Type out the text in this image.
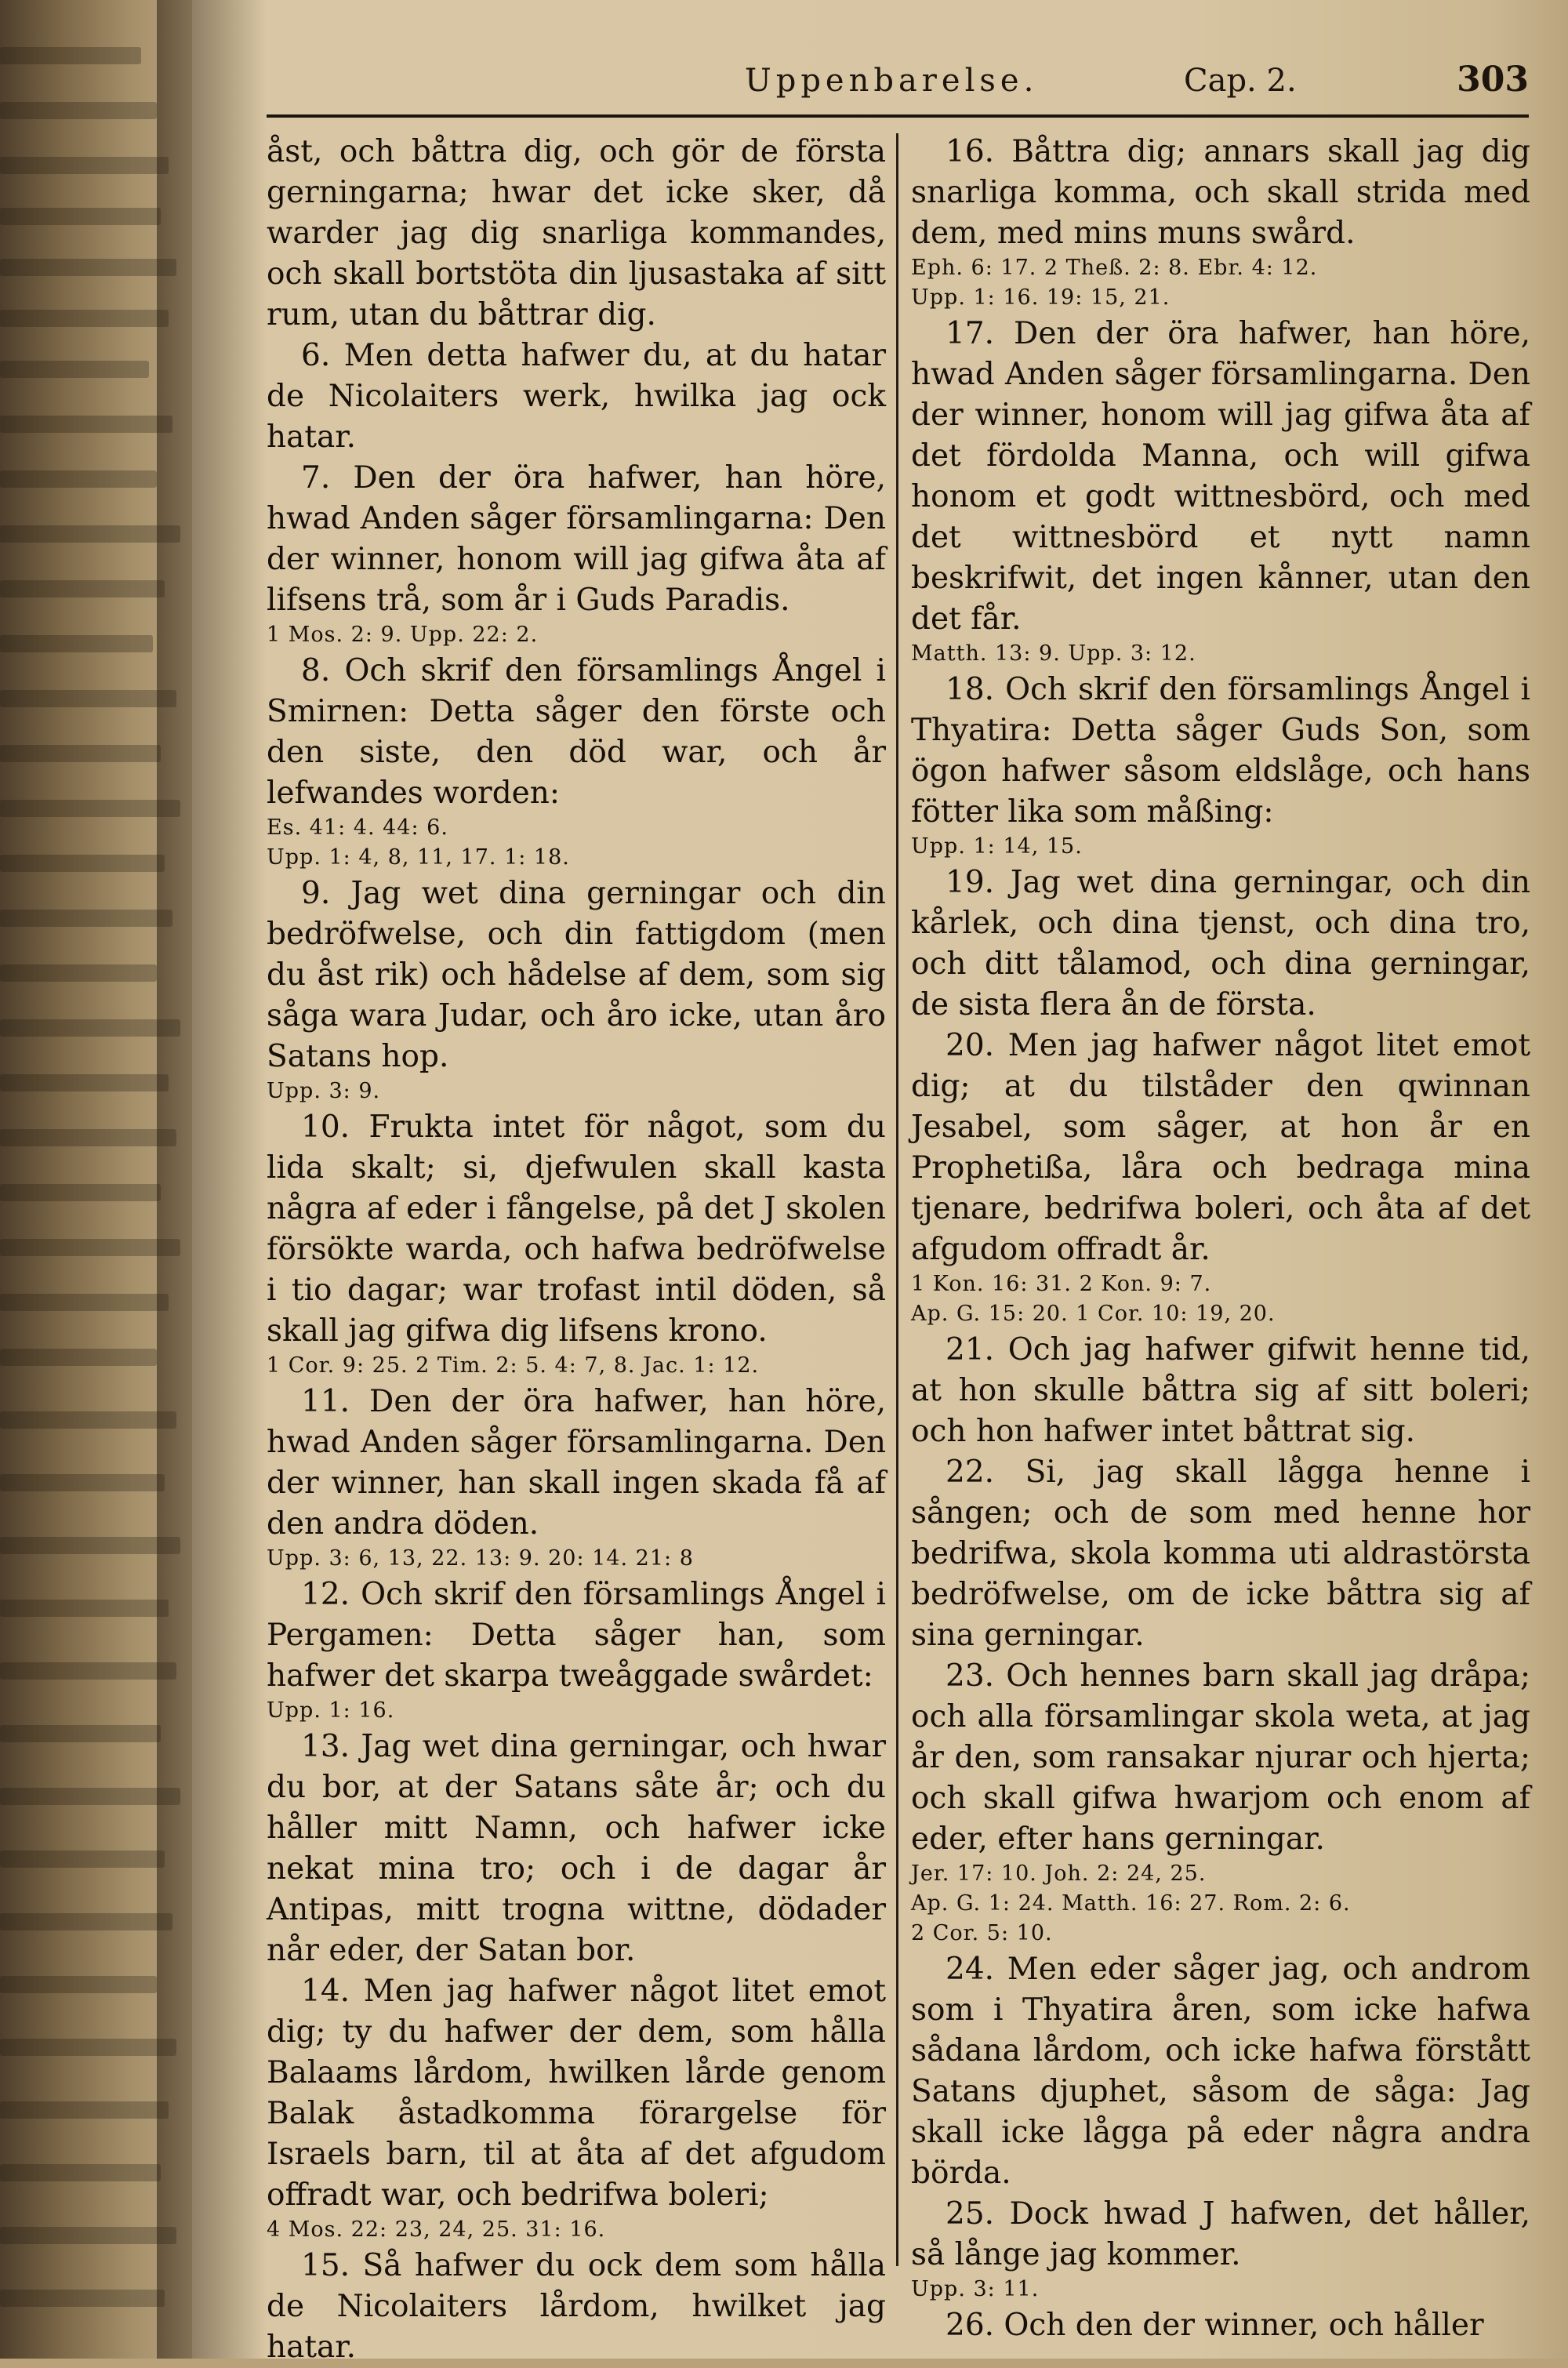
Uppenbarelse.	Cap. 2.	303

åst, och båttra dig, och gör de första gerningarna; hwar det icke sker, då warder jag dig snarliga kommandes, och skall bortstöta din ljusastaka af sitt rum, utan du båttrar dig.

6. Men detta hafwer du, at du hatar de Nicolaiters werk, hwilka jag ock hatar.

7. Den der öra hafwer, han höre, hwad Anden såger församlingarna: Den der winner, honom will jag gifwa åta af lifsens trå, som år i Guds Paradis.

1 Mos. 2: 9. Upp. 22: 2.

8. Och skrif den församlings Ångel i Smirnen: Detta såger den förste och den siste, den död war, och år lefwandes worden:

Es. 41: 4. 44: 6.

Upp. 1: 4, 8, 11, 17. 1: 18.

9. Jag wet dina gerningar och din bedröfwelse, och din fattigdom (men du åst rik) och hådelse af dem, som sig såga wara Judar, och åro icke, utan åro Satans hop.

Upp. 3: 9.

10. Frukta intet för något, som du lida skalt; si, djefwulen skall kasta några af eder i fångelse, på det J skolen försökte warda, och hafwa bedröfwelse i tio dagar; war trofast intil döden, så skall jag gifwa dig lifsens krono.

1 Cor. 9: 25. 2 Tim. 2: 5. 4: 7, 8. Jac. 1: 12.

11. Den der öra hafwer, han höre, hwad Anden såger församlingarna. Den der winner, han skall ingen skada få af den andra döden.

Upp. 3: 6, 13, 22. 13: 9. 20: 14. 21: 8

12. Och skrif den församlings Ångel i Pergamen: Detta såger han, som hafwer det skarpa tweåggade swårdet:

Upp. 1: 16.

13. Jag wet dina gerningar, och hwar du bor, at der Satans såte år; och du håller mitt Namn, och hafwer icke nekat mina tro; och i de dagar år Antipas, mitt trogna wittne, dödader når eder, der Satan bor.

14. Men jag hafwer något litet emot dig; ty du hafwer der dem, som hålla Balaams lårdom, hwilken lårde genom Balak åstadkomma förargelse för Israels barn, til at åta af det afgudom offradt war, och bedrifwa boleri;

4 Mos. 22: 23, 24, 25. 31: 16.

15. Så hafwer du ock dem som hålla de Nicolaiters lårdom, hwilket jag hatar.

16. Båttra dig; annars skall jag dig snarliga komma, och skall strida med dem, med mins muns swård.

Eph. 6: 17. 2 Theß. 2: 8. Ebr. 4: 12.

Upp. 1: 16. 19: 15, 21.

17. Den der öra hafwer, han höre, hwad Anden såger församlingarna. Den der winner, honom will jag gifwa åta af det fördolda Manna, och will gifwa honom et godt wittnesbörd, och med det wittnesbörd et nytt namn beskrifwit, det ingen kånner, utan den det får.

Matth. 13: 9. Upp. 3: 12.

18. Och skrif den församlings Ångel i Thyatira: Detta såger Guds Son, som ögon hafwer såsom eldslåge, och hans fötter lika som måßing:

Upp. 1: 14, 15.

19. Jag wet dina gerningar, och din kårlek, och dina tjenst, och dina tro, och ditt tålamod, och dina gerningar, de sista flera ån de första.

20. Men jag hafwer något litet emot dig; at du tilståder den qwinnan Jesabel, som såger, at hon år en Prophetißa, låra och bedraga mina tjenare, bedrifwa boleri, och åta af det afgudom offradt år.

1 Kon. 16: 31. 2 Kon. 9: 7.

Ap. G. 15: 20. 1 Cor. 10: 19, 20.

21. Och jag hafwer gifwit henne tid, at hon skulle båttra sig af sitt boleri; och hon hafwer intet båttrat sig.

22. Si, jag skall lågga henne i sången; och de som med henne hor bedrifwa, skola komma uti aldrastörsta bedröfwelse, om de icke båttra sig af sina gerningar.

23. Och hennes barn skall jag dråpa; och alla församlingar skola weta, at jag år den, som ransakar njurar och hjerta; och skall gifwa hwarjom och enom af eder, efter hans gerningar.

Jer. 17: 10. Joh. 2: 24, 25.

Ap. G. 1: 24. Matth. 16: 27. Rom. 2: 6.

2 Cor. 5: 10.

24. Men eder såger jag, och androm som i Thyatira åren, som icke hafwa sådana lårdom, och icke hafwa förstått Satans djuphet, såsom de såga: Jag skall icke lågga på eder några andra börda.

25. Dock hwad J hafwen, det håller, så långe jag kommer.

Upp. 3: 11.

26. Och den der winner, och håller
